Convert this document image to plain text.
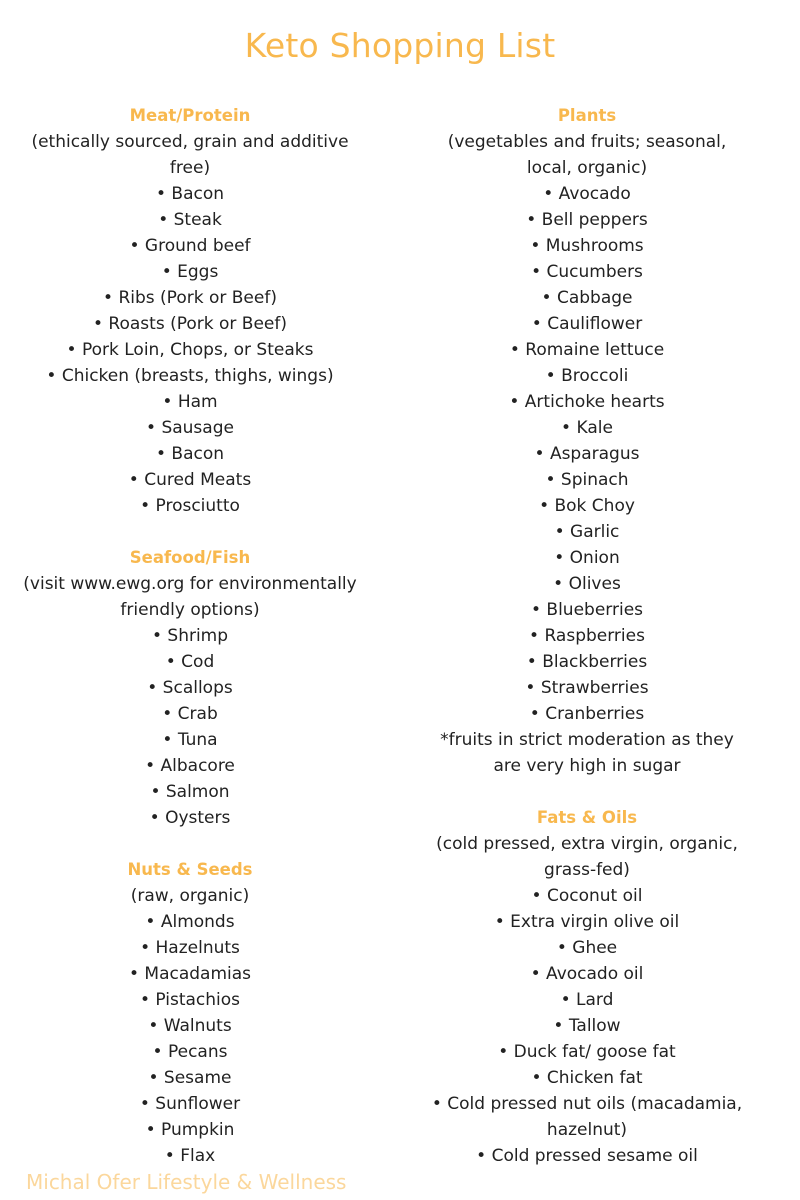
Keto Shopping List
Meat/Protein
(ethically sourced, grain and additive free)
• Bacon
• Steak
• Ground beef
• Eggs
• Ribs (Pork or Beef)
• Roasts (Pork or Beef)
• Pork Loin, Chops, or Steaks
• Chicken (breasts, thighs, wings)
• Ham
• Sausage
• Bacon
• Cured Meats
• Prosciutto
Seafood/Fish
(visit www.ewg.org for environmentally friendly options)
• Shrimp
• Cod
• Scallops
• Crab
• Tuna
• Albacore
• Salmon
• Oysters
Nuts & Seeds
(raw, organic)
• Almonds
• Hazelnuts
• Macadamias
• Pistachios
• Walnuts
• Pecans
• Sesame
• Sunflower
• Pumpkin
• Flax
Plants
(vegetables and fruits; seasonal, local, organic)
• Avocado
• Bell peppers
• Mushrooms
• Cucumbers
• Cabbage
• Cauliflower
• Romaine lettuce
• Broccoli
• Artichoke hearts
• Kale
• Asparagus
• Spinach
• Bok Choy
• Garlic
• Onion
• Olives
• Blueberries
• Raspberries
• Blackberries
• Strawberries
• Cranberries
*fruits in strict moderation as they are very high in sugar
Fats & Oils
(cold pressed, extra virgin, organic, grass-fed)
• Coconut oil
• Extra virgin olive oil
• Ghee
• Avocado oil
• Lard
• Tallow
• Duck fat/ goose fat
• Chicken fat
• Cold pressed nut oils (macadamia, hazelnut)
• Cold pressed sesame oil
Michal Ofer Lifestyle & Wellness
